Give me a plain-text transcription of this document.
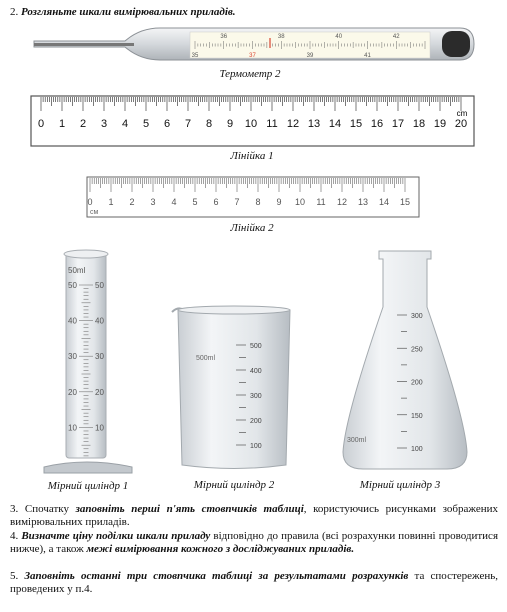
2. Розгляньте шкали вимірювальних приладів.
36	38	40	42
35	37	39	41
Термометр 2
0 1 2 3 4 5 6 7 8 9 10 11 12 13 14 15 16 17 18 19 20
cm
Лінійка 1
0 1 2 3 4 5 6 7 8 9 10 11 12 13 14 15
см
Лінійка 2
50 50
40 40
30 30
20 20
10 10
50ml
Мірний циліндр 1
500
400
300
200
100
500ml
Мірний циліндр 2
300
250
200
150
100
300ml
Мірний циліндр 3
3. Спочатку заповніть перші п'ять стовпчиків таблиці, користуючись рисунками зображених вимірювальних приладів.
4. Визначте ціну поділки шкали приладу відповідно до правила (всі розрахунки повинні проводитися нижче), а також межі вимірювання кожного з досліджуваних приладів.
5. Заповніть останні три стовпчика таблиці за результатами розрахунків та спостережень, проведених у п.4.
